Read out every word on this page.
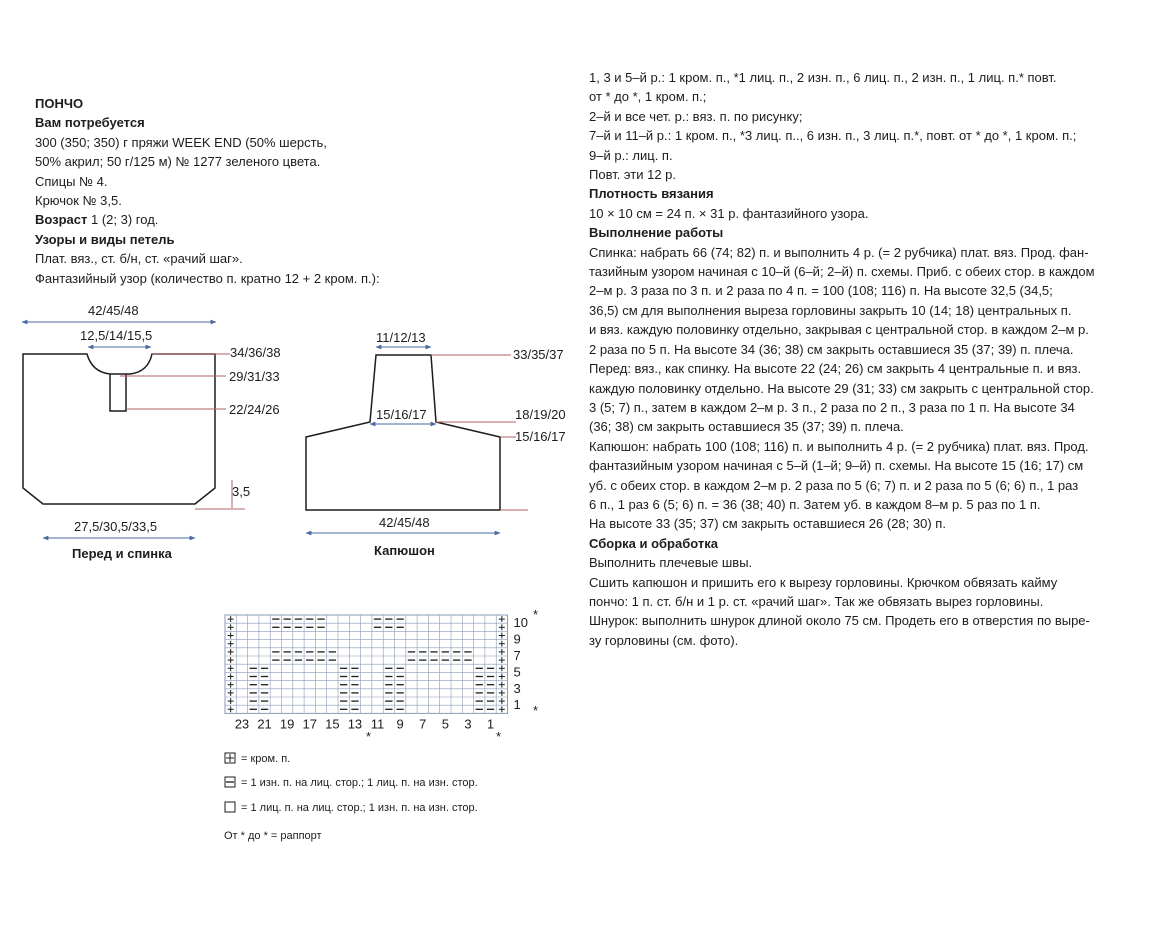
ПОНЧО

Вам потребуется

300 (350; 350) г пряжи WEEK END (50% шерсть,

50% акрил; 50 г/125 м) № 1277 зеленого цвета.

Спицы № 4.

Крючок № 3,5.

Возраст 1 (2; 3) год.

Узоры и виды петель

Плат. вяз., ст. б/н, ст. «рачий шаг».

Фантазийный узор (количество п. кратно 12 + 2 кром. п.):

1, 3 и 5–й р.: 1 кром. п., *1 лиц. п., 2 изн. п., 6 лиц. п., 2 изн. п., 1 лиц. п.* повт.

от * до *, 1 кром. п.;

2–й и все чет. р.: вяз. п. по рисунку;

7–й и 11–й р.: 1 кром. п., *3 лиц. п.., 6 изн. п., 3 лиц. п.*, повт. от * до *, 1 кром. п.;

9–й р.: лиц. п.

Повт. эти 12 р.

Плотность вязания

10 × 10 см = 24 п. × 31 р. фантазийного узора.

Выполнение работы

Спинка: набрать 66 (74; 82) п. и выполнить 4 р. (= 2 рубчика) плат. вяз. Прод. фан-

тазийным узором начиная с 10–й (6–й; 2–й) п. схемы. Приб. с обеих стор. в каждом

2–м р. 3 раза по 3 п. и 2 раза по 4 п. = 100 (108; 116) п. На высоте 32,5 (34,5;

36,5) см для выполнения выреза горловины закрыть 10 (14; 18) центральных п.

и вяз. каждую половинку отдельно, закрывая с центральной стор. в каждом 2–м р.

2 раза по 5 п. На высоте 34 (36; 38) см закрыть оставшиеся 35 (37; 39) п. плеча.

Перед: вяз., как спинку. На высоте 22 (24; 26) см закрыть 4 центральные п. и вяз.

каждую половинку отдельно. На высоте 29 (31; 33) см закрыть с центральной стор.

3 (5; 7) п., затем в каждом 2–м р. 3 п., 2 раза по 2 п., 3 раза по 1 п. На высоте 34

(36; 38) см закрыть оставшиеся 35 (37; 39) п. плеча.

Капюшон: набрать 100 (108; 116) п. и выполнить 4 р. (= 2 рубчика) плат. вяз. Прод.

фантазийным узором начиная с 5–й (1–й; 9–й) п. схемы. На высоте 15 (16; 17) см

уб. с обеих стор. в каждом 2–м р. 2 раза по 5 (6; 7) п. и 2 раза по 5 (6; 6) п., 1 раз

6 п., 1 раз 6 (5; 6) п. = 36 (38; 40) п. Затем уб. в каждом 8–м р. 5 раз по 1 п.

На высоте 33 (35; 37) см закрыть оставшиеся 26 (28; 30) п.

Сборка и обработка

Выполнить плечевые швы.

Сшить капюшон и пришить его к вырезу горловины. Крючком обвязать кайму

пончо: 1 п. ст. б/н и 1 р. ст. «рачий шаг». Так же обвязать вырез горловины.

Шнурок: выполнить шнурок длиной около 75 см. Продеть его в отверстия по выре-

зу горловины (см. фото).

42/45/48
12,5/14/15,5
34/36/38
29/31/33
22/24/26
3,5
27,5/30,5/33,5
Перед и спинка
11/12/13
33/35/37
15/16/17	18/19/20
15/16/17
42/45/48
Капюшон
10
9
7
5
3
1
23 21 19 17 15 13 11 9 7 5 3 1
*
*
*	*
= кром. п.
= 1 изн. п. на лиц. стор.; 1 лиц. п. на изн. стор.
= 1 лиц. п. на лиц. стор.; 1 изн. п. на изн. стор.
От * до * = раппорт
